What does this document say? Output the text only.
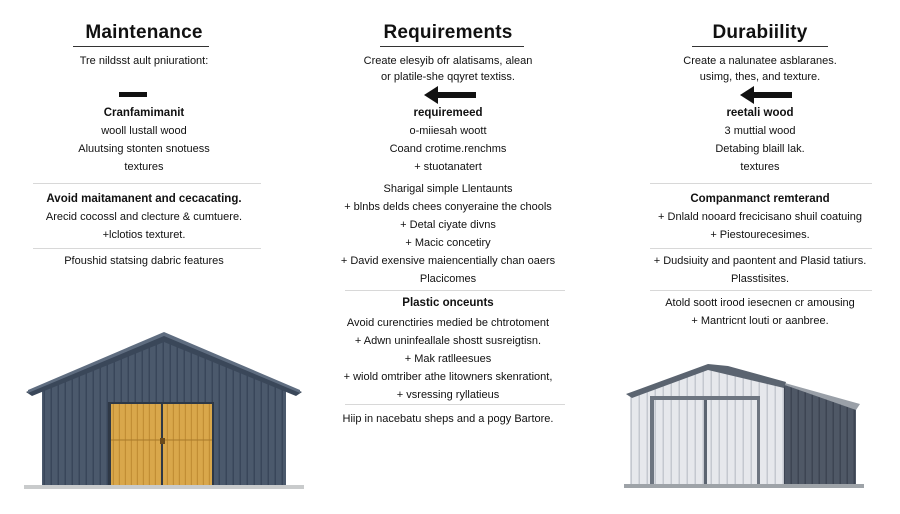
Maintenance
Tre nildsst ault pniurationt:
Cranfamimanit
wooll lustall wood
Aluutsing stonten snotuess
textures
Avoid maitamanent and cecacating.
Arecid cocossl and clecture & cumtuere.
+lclotios texturet.
Pfoushid statsing dabric features
Requirements
Create elesyib ofr alatisams, alean
or platile-she qqyret textiss.
requiremeed
o-miiesah woott
Coand crotime.renchms
+ stuotanatert
Sharigal simple Llentaunts
+ blnbs delds chees conyeraine the chools
+ Detal ciyate divns
+ Macic concetiry
+ David exensive maiencentially chan oaers
Placicomes
Plastic onceunts
Avoid curenctiries medied be chtrotoment
+ Adwn uninfeallale shostt susreigtisn.
+ Mak ratlleesues
+ wiold omtriber athe litowners skenrationt,
+ vsressing ryllatieus
Hiip in nacebatu sheps and a pogy Bartore.
Durabiility
Create a nalunatee asblaranes.
usimg, thes, and texture.
reetali wood
3 muttial wood
Detabing blaill lak.
textures
Companmanct remterand
+ Dnlald nooard frecicisano shuil coatuing
+ Piestourecesimes.
+ Dudsiuity and paontent and Plasid tatiurs.
Plasstisites.
Atold soott irood iesecnen cr amousing
+ Mantricnt louti or aanbree.
